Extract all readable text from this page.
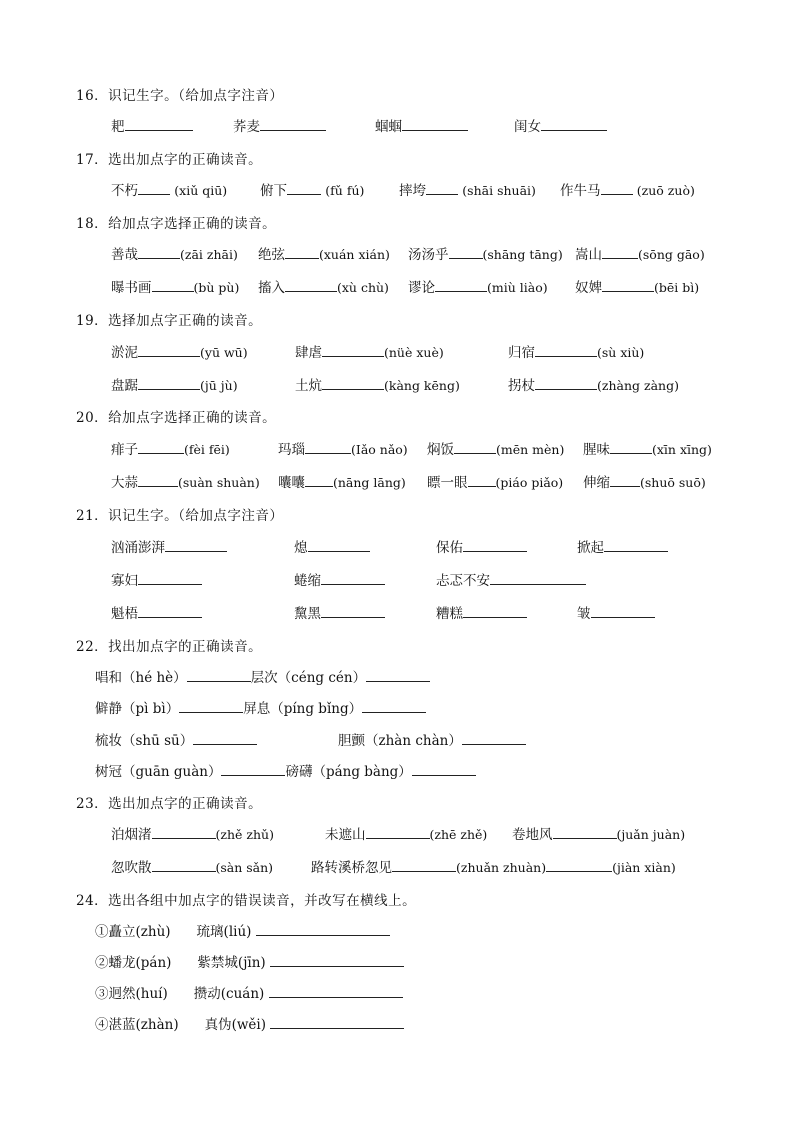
16．识记生字。（给加点字注音）
耙	荞麦	蝈蝈	闺女
17．选出加点字的正确读音。
不朽	(xiǔ qiū) 俯下	(fǔ fú)	摔垮	(shāi shuāi) 作牛马	(zuō zuò)
18．给加点字选择正确的读音。
善哉	(zāi zhāi) 绝弦	(xuán xián) 汤汤乎	(shāng tāng) 嵩山	(sōng gāo)
曝书画	(bù pù) 搐入	(xù chù) 谬论	(miù liào) 奴婢	(bēi bì)
19．选择加点字正确的读音。
淤泥	(yū wū)	肆虐	(nüè xuè)	归宿	(sù xiù)
盘踞	(jū jù)	土炕	(kàng kēng)	拐杖	(zhàng zàng)
20．给加点字选择正确的读音。
痱子	(fèi fēi)	玛瑙	(Iǎo nǎo) 焖饭	(mēn mèn) 腥味	(xīn xīng)
大蒜	(suàn shuàn) 囔囔 (nāng lāng) 瞟一眼 (piáo piǎo) 伸缩 (shuō suō)
21．识记生字。（给加点字注音）
汹涌澎湃	熄	保佑	掀起
寡妇	蜷缩	忐忑不安
魁梧	黧黑	糟糕	皱
22．找出加点字的正确读音。
唱和（hé hè）	层次（céng cén）
僻静（pì bì）	屏息（píng bǐng）
梳妆（shū sū）	胆颤（zhàn chàn）
树冠（guān guàn）	磅礴（páng bàng）
23．选出加点字的正确读音。
泊烟渚	(zhě zhǔ)	未遮山	(zhē zhě) 卷地风	(juǎn juàn)
忽吹散	(sàn sǎn)	路转溪桥忽见	(zhuǎn zhuàn)	(jiàn xiàn)
24．选出各组中加点字的错误读音，并改写在横线上。
①矗立(zhù) 琉璃(liú)
②蟠龙(pán) 紫禁城(jīn)
③迥然(huí) 攒动(cuán)
④湛蓝(zhàn) 真伪(wěi)
